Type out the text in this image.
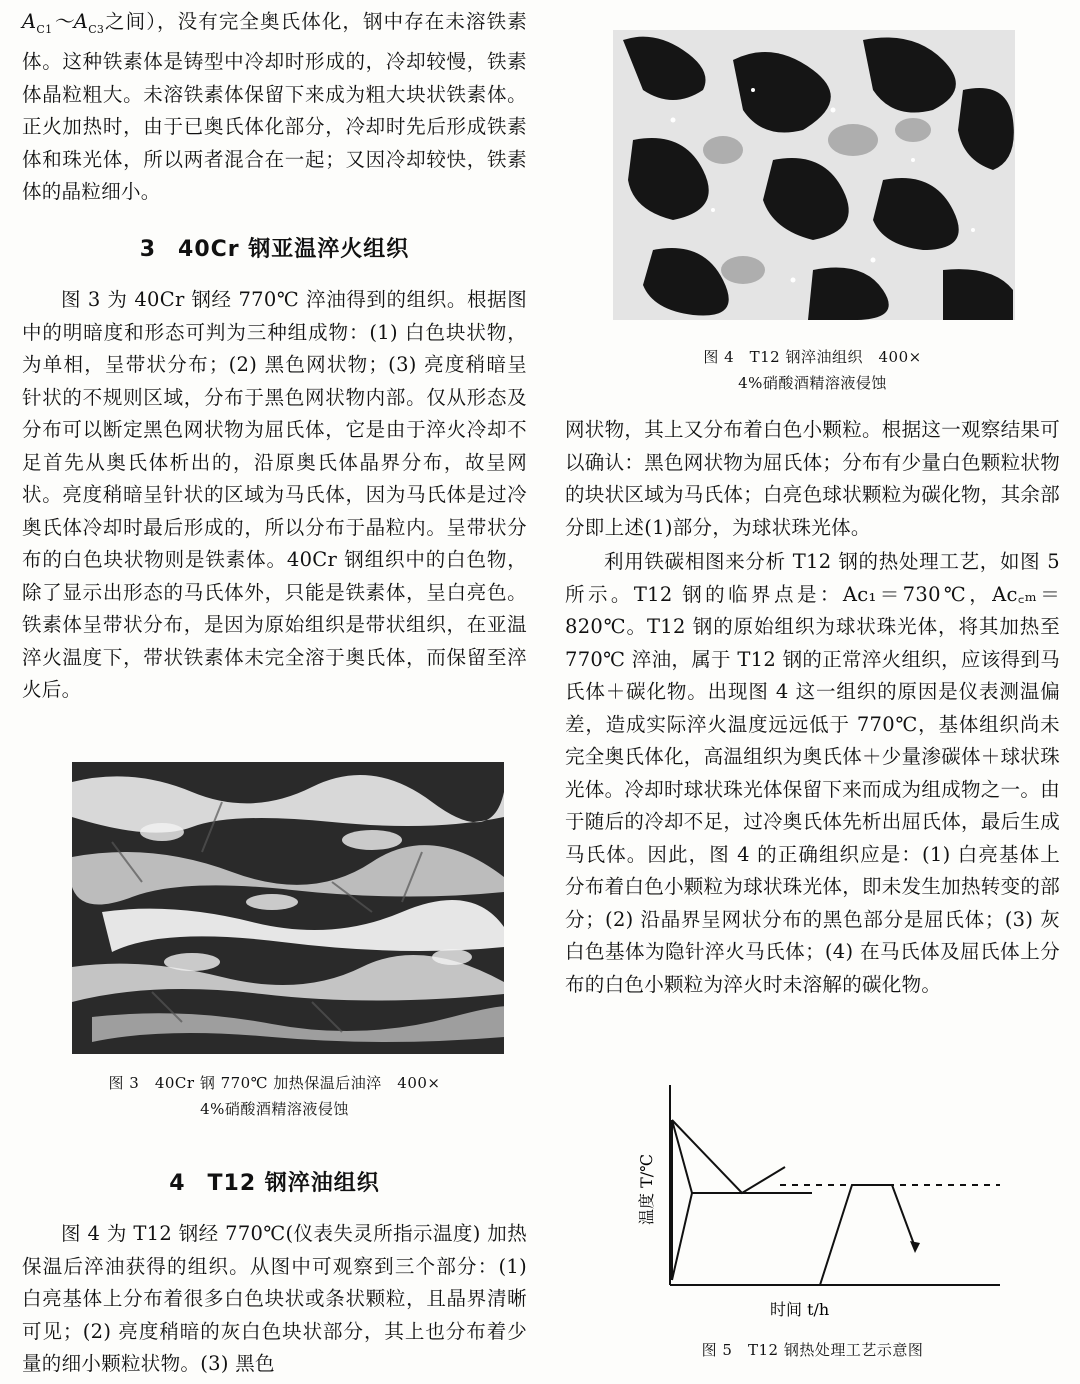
$A_{C1}\sim A_{C3}$之间），没有完全奥氏体化，钢中存在未溶铁素体。这种铁素体是铸型中冷却时形成的，冷却较慢，铁素体晶粒粗大。未溶铁素体保留下来成为粗大块状铁素体。正火加热时，由于已奥氏体化部分，冷却时先后形成铁素体和珠光体，所以两者混合在一起；又因冷却较快，铁素体的晶粒细小。

3 40Cr 钢亚温淬火组织

图 3 为 40Cr 钢经 770℃ 淬油得到的组织。根据图中的明暗度和形态可判为三种组成物：(1) 白色块状物，为单相，呈带状分布；(2) 黑色网状物；(3) 亮度稍暗呈针状的不规则区域，分布于黑色网状物内部。仅从形态及分布可以断定黑色网状物为屈氏体，它是由于淬火冷却不足首先从奥氏体析出的，沿原奥氏体晶界分布，故呈网状。亮度稍暗呈针状的区域为马氏体，因为马氏体是过冷奥氏体冷却时最后形成的，所以分布于晶粒内。呈带状分布的白色块状物则是铁素体。40Cr 钢组织中的白色物，除了显示出形态的马氏体外，只能是铁素体，呈白亮色。铁素体呈带状分布，是因为原始组织是带状组织，在亚温淬火温度下，带状铁素体未完全溶于奥氏体，而保留至淬火后。

图 3　40Cr 钢 770℃ 加热保温后油淬　400×
4%硝酸酒精溶液侵蚀
4 T12 钢淬油组织

图 4 为 T12 钢经 770℃(仪表失灵所指示温度) 加热保温后淬油获得的组织。从图中可观察到三个部分：(1) 白亮基体上分布着很多白色块状或条状颗粒，且晶界清晰可见；(2) 亮度稍暗的灰白色块状部分，其上也分布着少量的细小颗粒状物。(3) 黑色

图 4　T12 钢淬油组织　400×
4%硝酸酒精溶液侵蚀

网状物，其上又分布着白色小颗粒。根据这一观察结果可以确认：黑色网状物为屈氏体；分布有少量白色颗粒状物的块状区域为马氏体；白亮色球状颗粒为碳化物，其余部分即上述(1)部分，为球状珠光体。

利用铁碳相图来分析 T12 钢的热处理工艺，如图 5 所示。T12 钢的临界点是：Ac₁＝730℃，Ac꜀ₘ＝820℃。T12 钢的原始组织为球状珠光体，将其加热至 770℃ 淬油，属于 T12 钢的正常淬火组织，应该得到马氏体＋碳化物。出现图 4 这一组织的原因是仪表测温偏差，造成实际淬火温度远远低于 770℃，基体组织尚未完全奥氏体化，高温组织为奥氏体＋少量渗碳体＋球状珠光体。冷却时球状珠光体保留下来而成为组成物之一。由于随后的冷却不足，过冷奥氏体先析出屈氏体，最后生成马氏体。因此，图 4 的正确组织应是：(1) 白亮基体上分布着白色小颗粒为球状珠光体，即未发生加热转变的部分；(2) 沿晶界呈网状分布的黑色部分是屈氏体；(3) 灰白色基体为隐针淬火马氏体；(4) 在马氏体及屈氏体上分布的白色小颗粒为淬火时未溶解的碳化物。

温度 T/℃
时间 t/h
图 5　T12 钢热处理工艺示意图
